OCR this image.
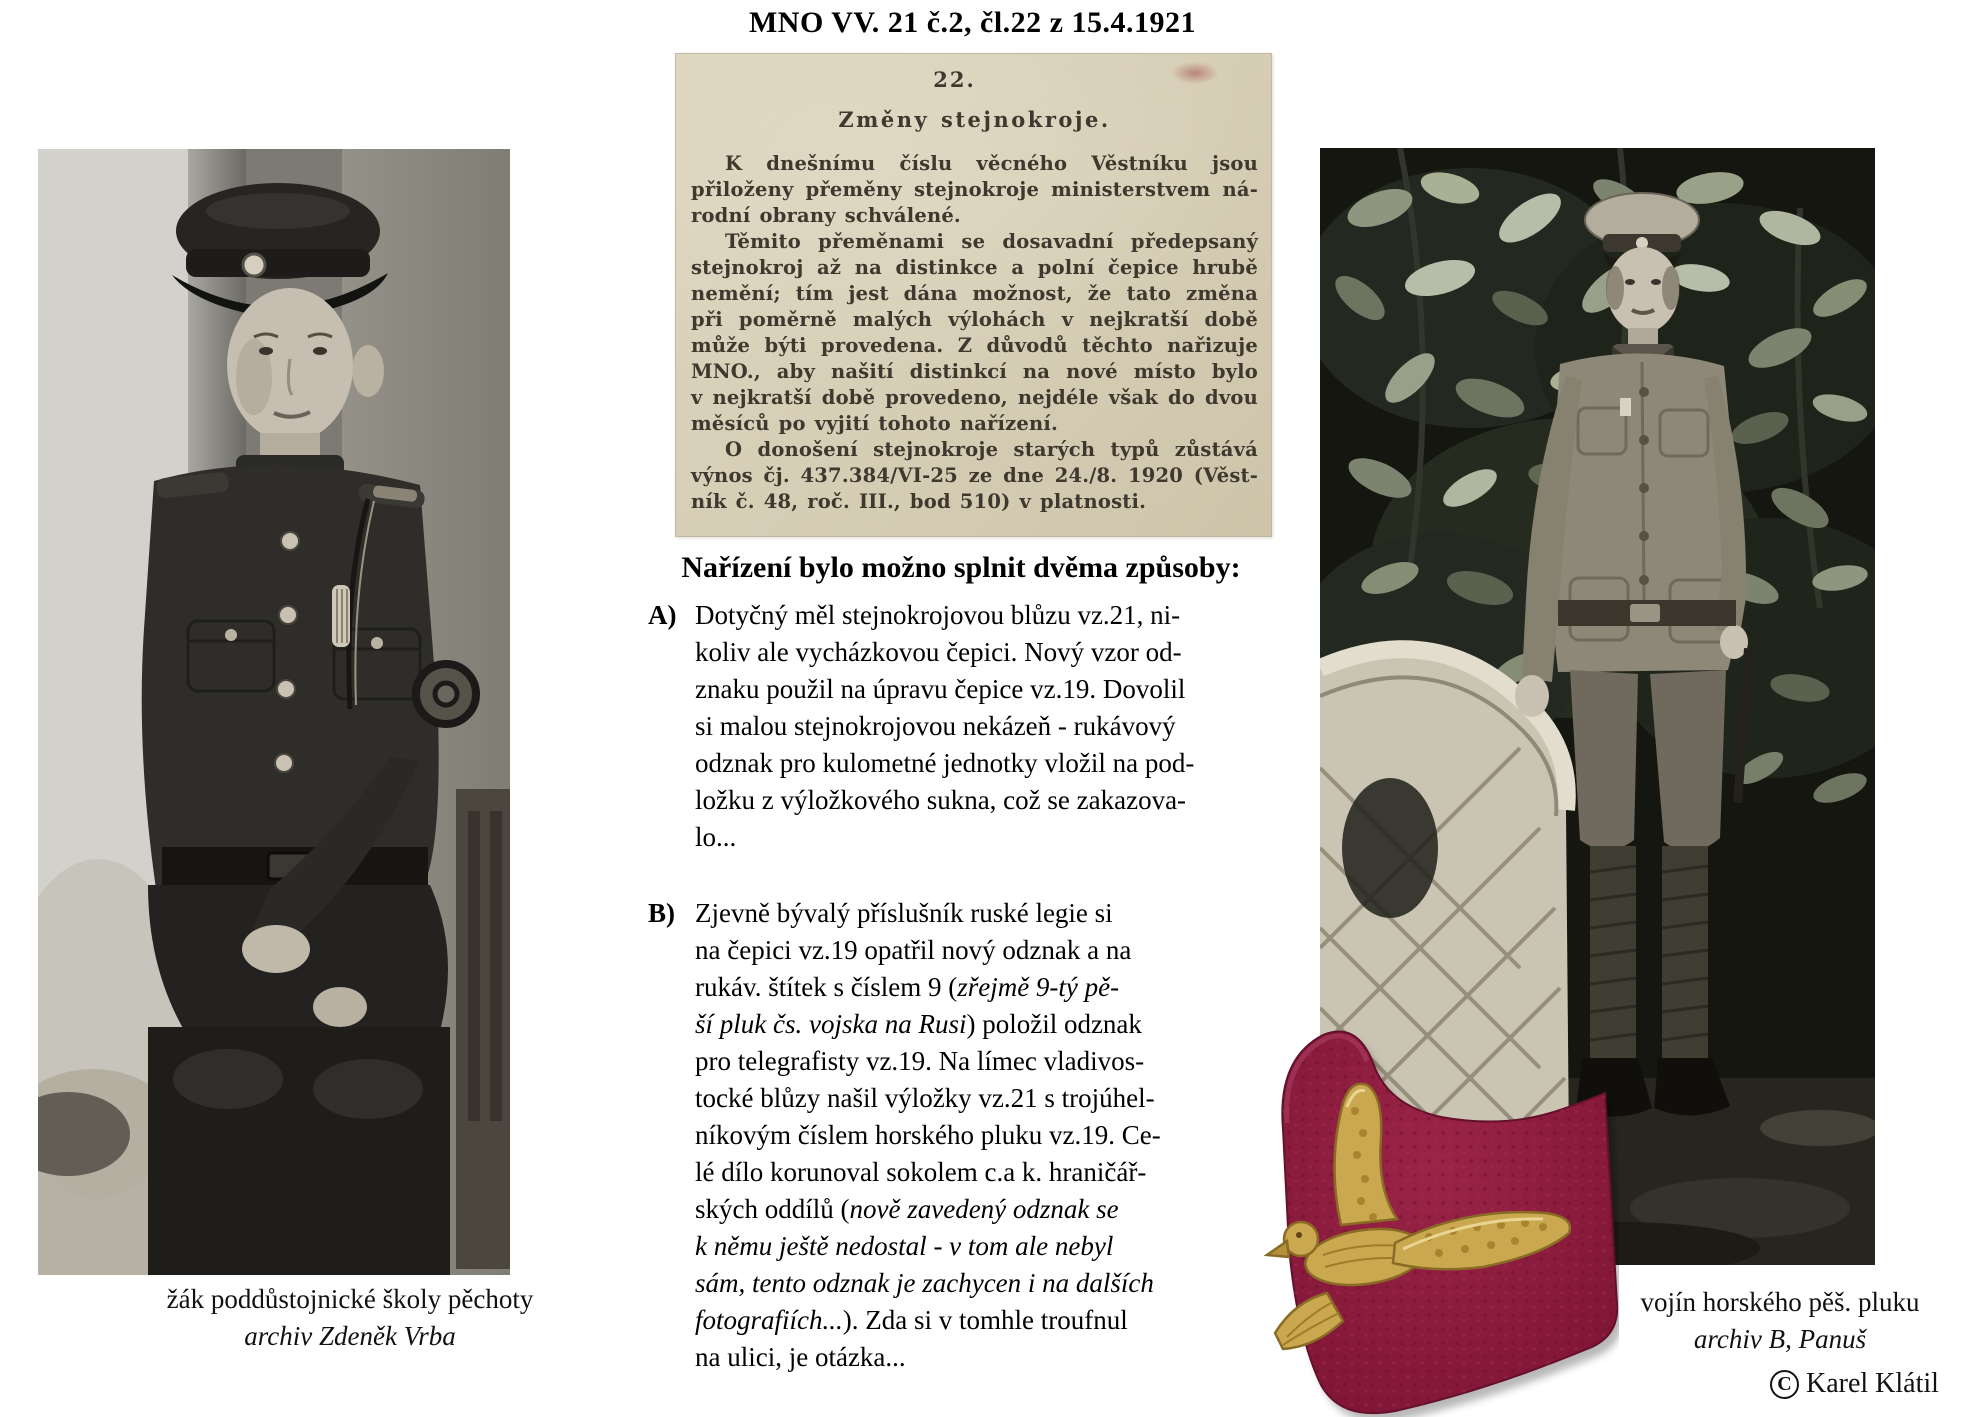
MNO VV. 21 č.2, čl.22 z 15.4.1921
22.
Změny stejnokroje.
K dnešnímu číslu věcného Věstníku jsou
přiloženy přeměny stejnokroje ministerstvem ná-
rodní obrany schválené.
Těmito přeměnami se dosavadní předepsaný
stejnokroj až na distinkce a polní čepice hrubě
nemění; tím jest dána možnost, že tato změna
při poměrně malých výlohách v nejkratší době
může býti provedena. Z důvodů těchto nařizuje
MNO., aby našití distinkcí na nové místo bylo
v nejkratší době provedeno, nejdéle však do dvou
měsíců po vyjití tohoto nařízení.
O donošení stejnokroje starých typů zůstává
výnos čj. 437.384/VI-25 ze dne 24./8. 1920 (Věst-
ník č. 48, roč. III., bod 510) v platnosti.
Nařízení bylo možno splnit dvěma způsoby:
A) Dotyčný měl stejnokrojovou blůzu vz.21, ni-
koliv ale vycházkovou čepici. Nový vzor od-
znaku použil na úpravu čepice vz.19. Dovolil
si malou stejnokrojovou nekázeň - rukávový
odznak pro kulometné jednotky vložil na pod-
ložku z výložkového sukna, což se zakazova-
lo...
B) Zjevně bývalý příslušník ruské legie si
na čepici vz.19 opatřil nový odznak a na
rukáv. štítek s číslem 9 (zřejmě 9-tý pě-
ší pluk čs. vojska na Rusi) položil odznak
pro telegrafisty vz.19. Na límec vladivos-
tocké blůzy našil výložky vz.21 s trojúhel-
níkovým číslem horského pluku vz.19. Ce-
lé dílo korunoval sokolem c.a k. hraničář-
ských oddílů (nově zavedený odznak se
k němu ještě nedostal - v tom ale nebyl
sám, tento odznak je zachycen i na dalších
fotografiích...). Zda si v tomhle troufnul
na ulici, je otázka...
žák poddůstojnické školy pěchoty
archiv Zdeněk Vrba
vojín horského pěš. pluku
archiv B, Panuš
C Karel Klátil
